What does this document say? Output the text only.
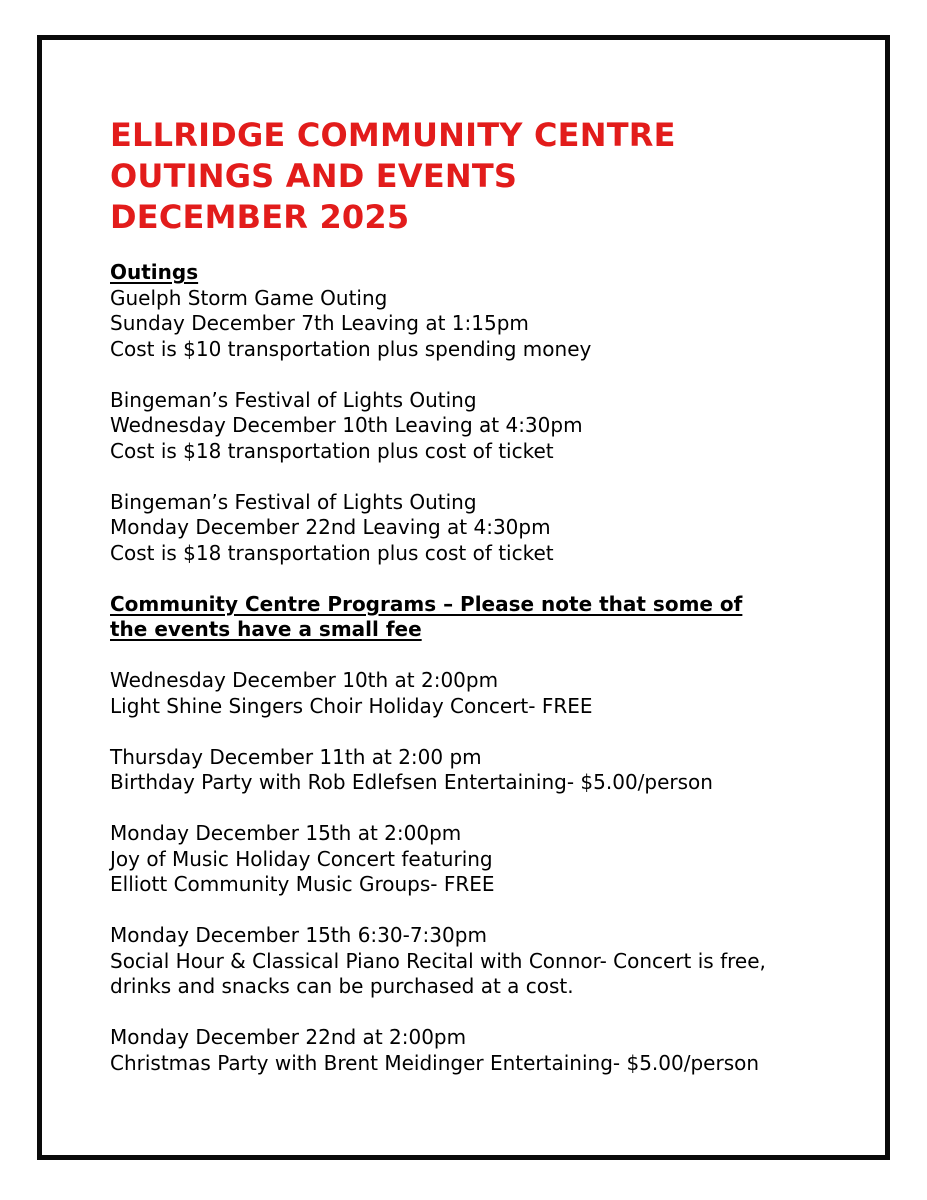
ELLRIDGE COMMUNITY CENTRE
OUTINGS AND EVENTS
DECEMBER 2025
Outings
Guelph Storm Game Outing
Sunday December 7th Leaving at 1:15pm
Cost is $10 transportation plus spending money
Bingeman’s Festival of Lights Outing
Wednesday December 10th Leaving at 4:30pm
Cost is $18 transportation plus cost of ticket
Bingeman’s Festival of Lights Outing
Monday December 22nd Leaving at 4:30pm
Cost is $18 transportation plus cost of ticket
Community Centre Programs – Please note that some of
the events have a small fee
Wednesday December 10th at 2:00pm
Light Shine Singers Choir Holiday Concert- FREE
Thursday December 11th at 2:00 pm
Birthday Party with Rob Edlefsen Entertaining- $5.00/person
Monday December 15th at 2:00pm
Joy of Music Holiday Concert featuring
Elliott Community Music Groups- FREE
Monday December 15th 6:30-7:30pm
Social Hour & Classical Piano Recital with Connor- Concert is free,
drinks and snacks can be purchased at a cost.
Monday December 22nd at 2:00pm
Christmas Party with Brent Meidinger Entertaining- $5.00/person
